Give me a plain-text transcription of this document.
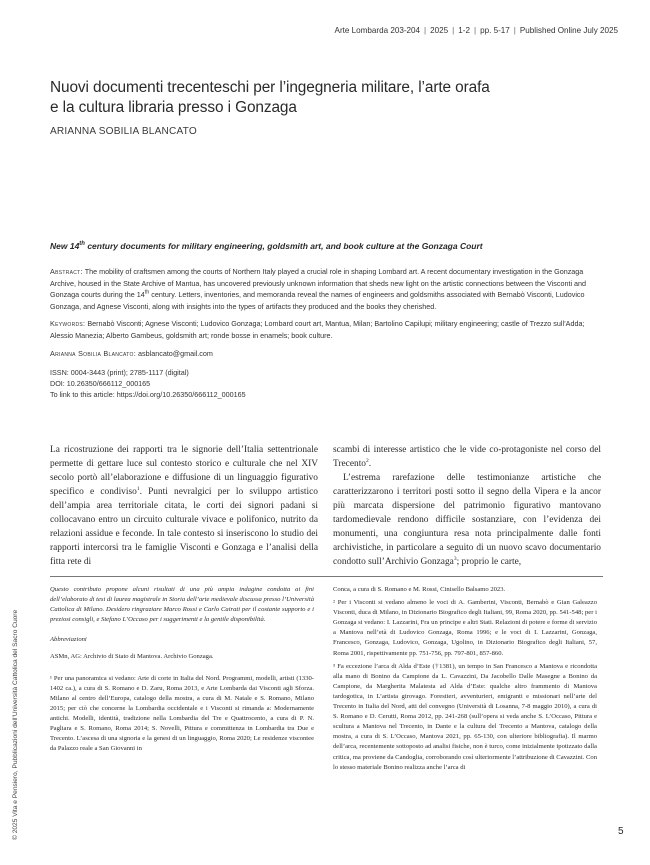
Arte Lombarda 203-204 | 2025 | 1-2 | pp. 5-17 | Published Online July 2025
Nuovi documenti trecenteschi per l’ingegneria militare, l’arte orafa
e la cultura libraria presso i Gonzaga
ARIANNA SOBILIA BLANCATO
New 14th century documents for military engineering, goldsmith art, and book culture at the Gonzaga Court
Abstract: The mobility of craftsmen among the courts of Northern Italy played a crucial role in shaping Lombard art. A recent documentary investigation in the Gonzaga Archive, housed in the State Archive of Mantua, has uncovered previously unknown information that sheds new light on the artistic connections between the Visconti and Gonzaga courts during the 14th century. Letters, inventories, and memoranda reveal the names of engineers and goldsmiths associated with Bernabò Visconti, Ludovico Gonzaga, and Agnese Visconti, along with insights into the types of artifacts they produced and the books they cherished.
Keywords: Bernabò Visconti; Agnese Visconti; Ludovico Gonzaga; Lombard court art, Mantua, Milan; Bartolino Capilupi; military engineering; castle of Trezzo sull’Adda; Alessio Manezia; Alberto Gambeus, goldsmith art; ronde bosse in enamels; book culture.
Arianna Sobilia Blancato: asblancato@gmail.com
ISSN: 0004-3443 (print); 2785-1117 (digital)
DOI: 10.26350/666112_000165
To link to this article: https://doi.org/10.26350/666112_000165

La ricostruzione dei rapporti tra le signorie dell’Italia settentrionale permette di gettare luce sul contesto storico e culturale che nel XIV secolo portò all’elaborazione e diffusione di un linguaggio figurativo specifico e condiviso$^1$. Punti nevralgici per lo sviluppo artistico dell’ampia area territoriale citata, le corti dei signori padani si collocavano entro un circuito culturale vivace e polifonico, nutrito da relazioni assidue e feconde. In tale contesto si inseriscono lo studio dei rapporti intercorsi tra le famiglie Visconti e Gonzaga e l’analisi della fitta rete di

scambi di interesse artistico che le vide co-protagoniste nel corso del Trecento$^2$.

L’estrema rarefazione delle testimonianze artistiche che caratterizzarono i territori posti sotto il segno della Vipera e la ancor più marcata dispersione del patrimonio figurativo mantovano tardomedievale rendono difficile sostanziare, con l’evidenza dei monumenti, una congiuntura resa nota principalmente dalle fonti archivistiche, in particolare a seguito di un nuovo scavo documentario condotto sull’Archivio Gonzaga$^3$; proprio le carte,

Questo contributo propone alcuni risultati di una più ampia indagine condotta ai fini dell’elaborato di tesi di laurea magistrale in Storia dell’arte medievale discussa presso l’Università Cattolica di Milano. Desidero ringraziare Marco Rossi e Carlo Cairati per il costante supporto e i preziosi consigli, e Stefano L’Occaso per i suggerimenti e la gentile disponibilità.

Abbreviazioni

ASMn, AG: Archivio di Stato di Mantova. Archivio Gonzaga.

¹ Per una panoramica si vedano: Arte di corte in Italia del Nord. Programmi, modelli, artisti (1330-1402 ca.), a cura di S. Romano e D. Zaru, Roma 2013, e Arte Lombarda dai Visconti agli Sforza. Milano al centro dell’Europa, catalogo della mostra, a cura di M. Natale e S. Romano, Milano 2015; per ciò che concerne la Lombardia occidentale e i Visconti si rimanda a: Modernamente antichi. Modelli, identità, tradizione nella Lombardia del Tre e Quattrocento, a cura di P. N. Pagliara e S. Romano, Roma 2014; S. Novelli, Pittura e committenza in Lombardia tra Due e Trecento. L’ascesa di una signoria e la genesi di un linguaggio, Roma 2020; Le residenze viscontee da Palazzo reale a San Giovanni in

Conca, a cura di S. Romano e M. Rossi, Cinisello Balsamo 2023.

² Per i Visconti si vedano almeno le voci di A. Gamberini, Visconti, Bernabò e Gian Galeazzo Visconti, duca di Milano, in Dizionario Biografico degli Italiani, 99, Roma 2020, pp. 541-548; per i Gonzaga si vedano: I. Lazzarini, Fra un principe e altri Stati. Relazioni di potere e forme di servizio a Mantova nell’età di Ludovico Gonzaga, Roma 1996; e le voci di I. Lazzarini, Gonzaga, Francesco, Gonzaga, Ludovico, Gonzaga, Ugolino, in Dizionario Biografico degli Italiani, 57, Roma 2001, rispettivamente pp. 751-756, pp. 797-801, 857-860.

³ Fa eccezione l’arca di Alda d’Este (†1381), un tempo in San Francesco a Mantova e ricondotta alla mano di Bonino da Campione da L. Cavazzini, Da Jacobello Dalle Masegne a Bonino da Campione, da Margherita Malatesta ad Alda d’Este: qualche altro frammento di Mantova tardogotica, in L’artista girovago. Forestieri, avventurieri, emigranti e missionari nell’arte del Trecento in Italia del Nord, atti del convegno (Università di Losanna, 7-8 maggio 2010), a cura di S. Romano e D. Cerutti, Roma 2012, pp. 241-268 (sull’opera si veda anche S. L’Occaso, Pittura e scultura a Mantova nel Trecento, in Dante e la cultura del Trecento a Mantova, catalogo della mostra, a cura di S. L’Occaso, Mantova 2021, pp. 65-130, con ulteriore bibliografia). Il marmo dell’arca, recentemente sottoposto ad analisi fisiche, non è turco, come inizialmente ipotizzato dalla critica, ma proviene da Candoglia, corroborando così ulteriormente l’attribuzione di Cavazzini. Con lo stesso materiale Bonino realizza anche l’arca di

© 2025 Vita e Pensiero, Pubblicazioni dell’Università Cattolica del Sacro Cuore	5
